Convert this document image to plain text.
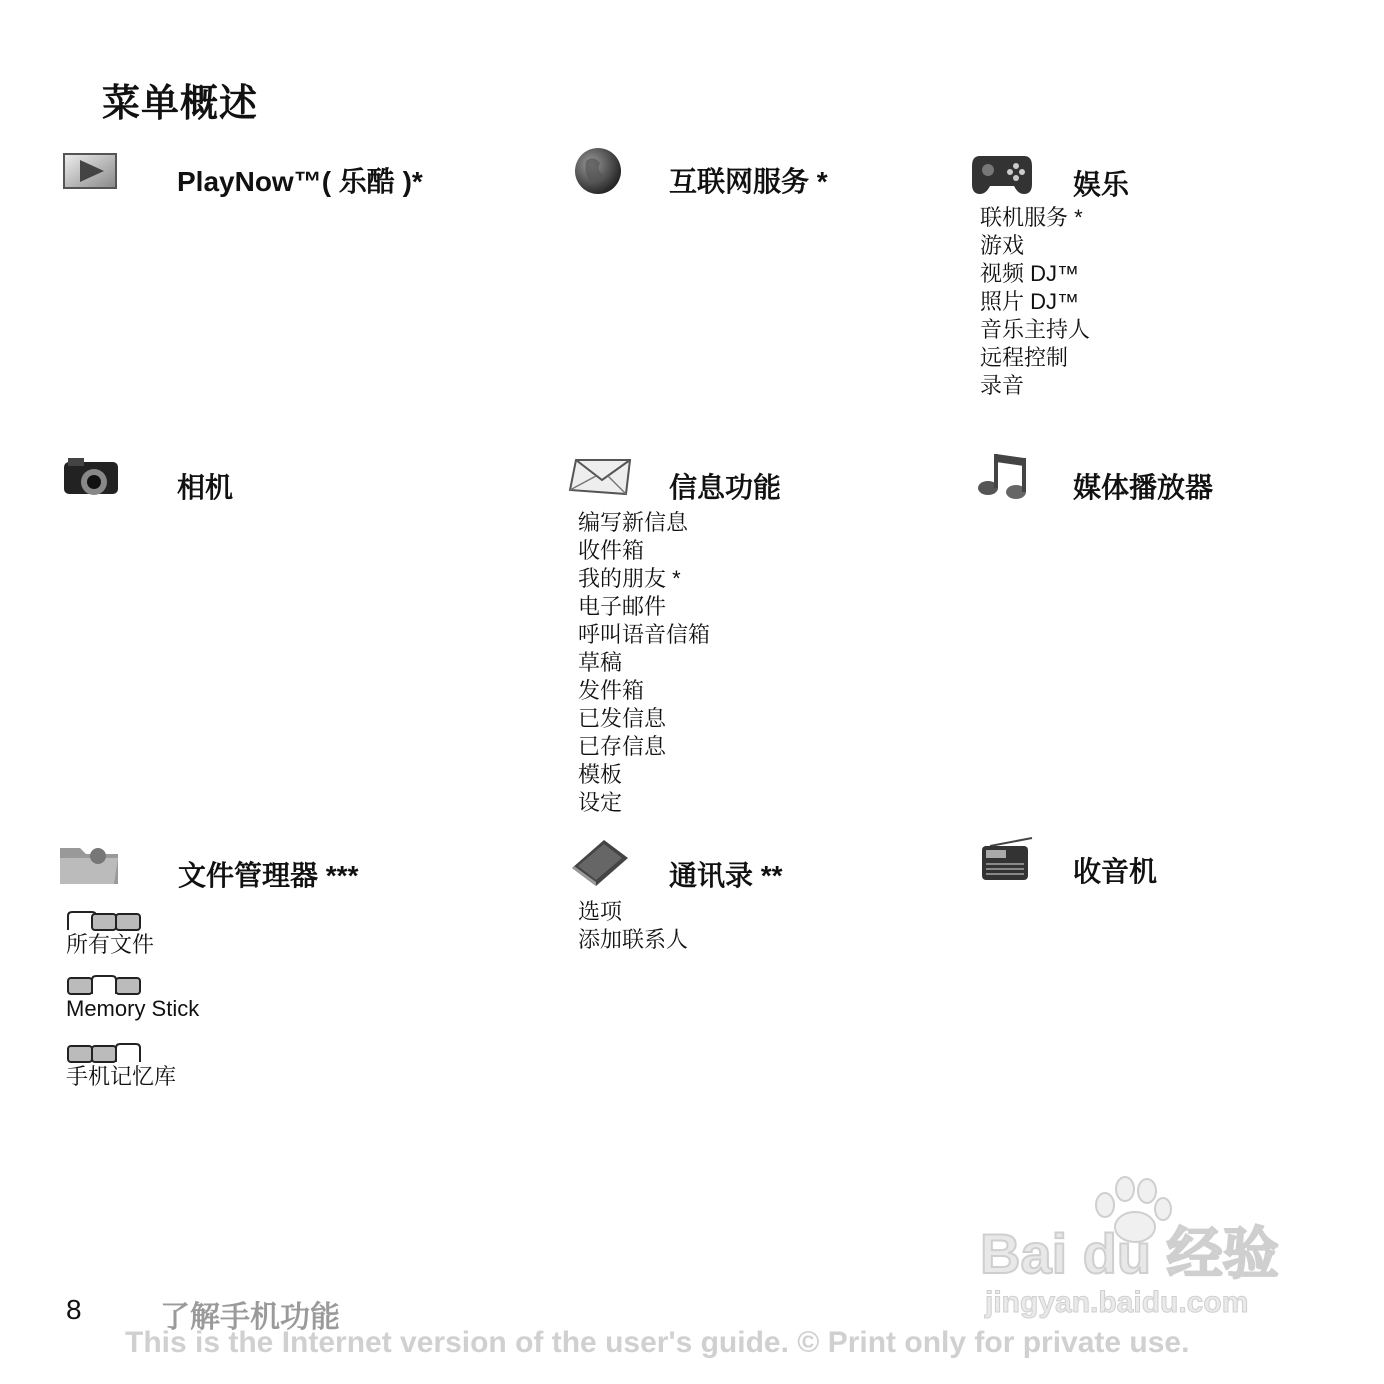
菜单概述
PlayNow™( 乐酷 )*	互联网服务 *	娱乐
联机服务 *
游戏
视频 DJ™
照片 DJ™
音乐主持人
远程控制
录音
相机	信息功能
编写新信息
收件箱
我的朋友 *
电子邮件
呼叫语音信箱
草稿
发件箱
已发信息
已存信息
模板
设定
媒体播放器
文件管理器 ***
所有文件
Memory Stick
手机记忆库
通讯录 **
选项
添加联系人
收音机
Bai du 经验
jingyan.baidu.com
8	了解手机功能
This is the Internet version of the user's guide. © Print only for private use.
